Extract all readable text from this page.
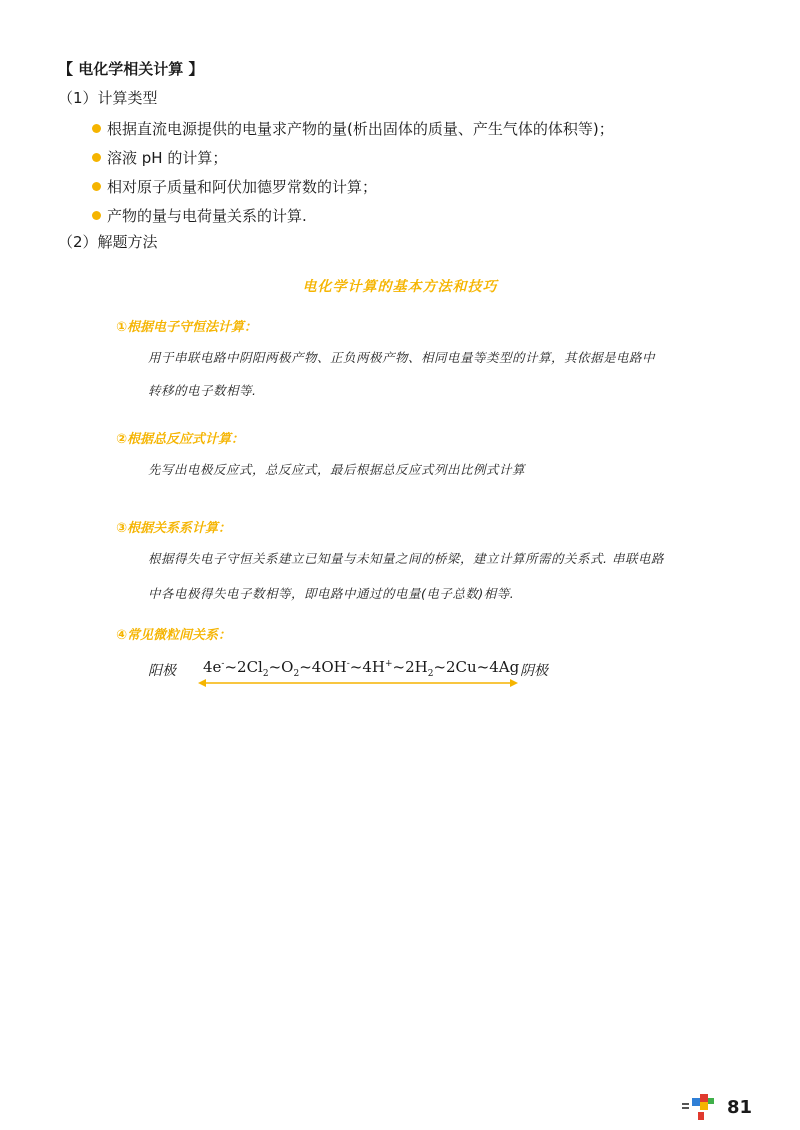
【 电化学相关计算 】
（1）计算类型
根据直流电源提供的电量求产物的量(析出固体的质量、产生气体的体积等)；
溶液 pH 的计算；
相对原子质量和阿伏加德罗常数的计算；
产物的量与电荷量关系的计算.
（2）解题方法
电化学计算的基本方法和技巧
①根据电子守恒法计算：
用于串联电路中阴阳两极产物、正负两极产物、相同电量等类型的计算，其依据是电路中
转移的电子数相等.
②根据总反应式计算：
先写出电极反应式，总反应式，最后根据总反应式列出比例式计算
③根据关系系计算：
根据得失电子守恒关系建立已知量与未知量之间的桥梁，建立计算所需的关系式. 串联电路
中各电极得失电子数相等，即电路中通过的电量(电子总数)相等.
④常见微粒间关系：
阳极 $4e^-\sim 2Cl_2\sim O_2\sim 4OH^-\sim 4H^+\sim 2H_2\sim 2Cu\sim 4Ag$ 阴极
81
